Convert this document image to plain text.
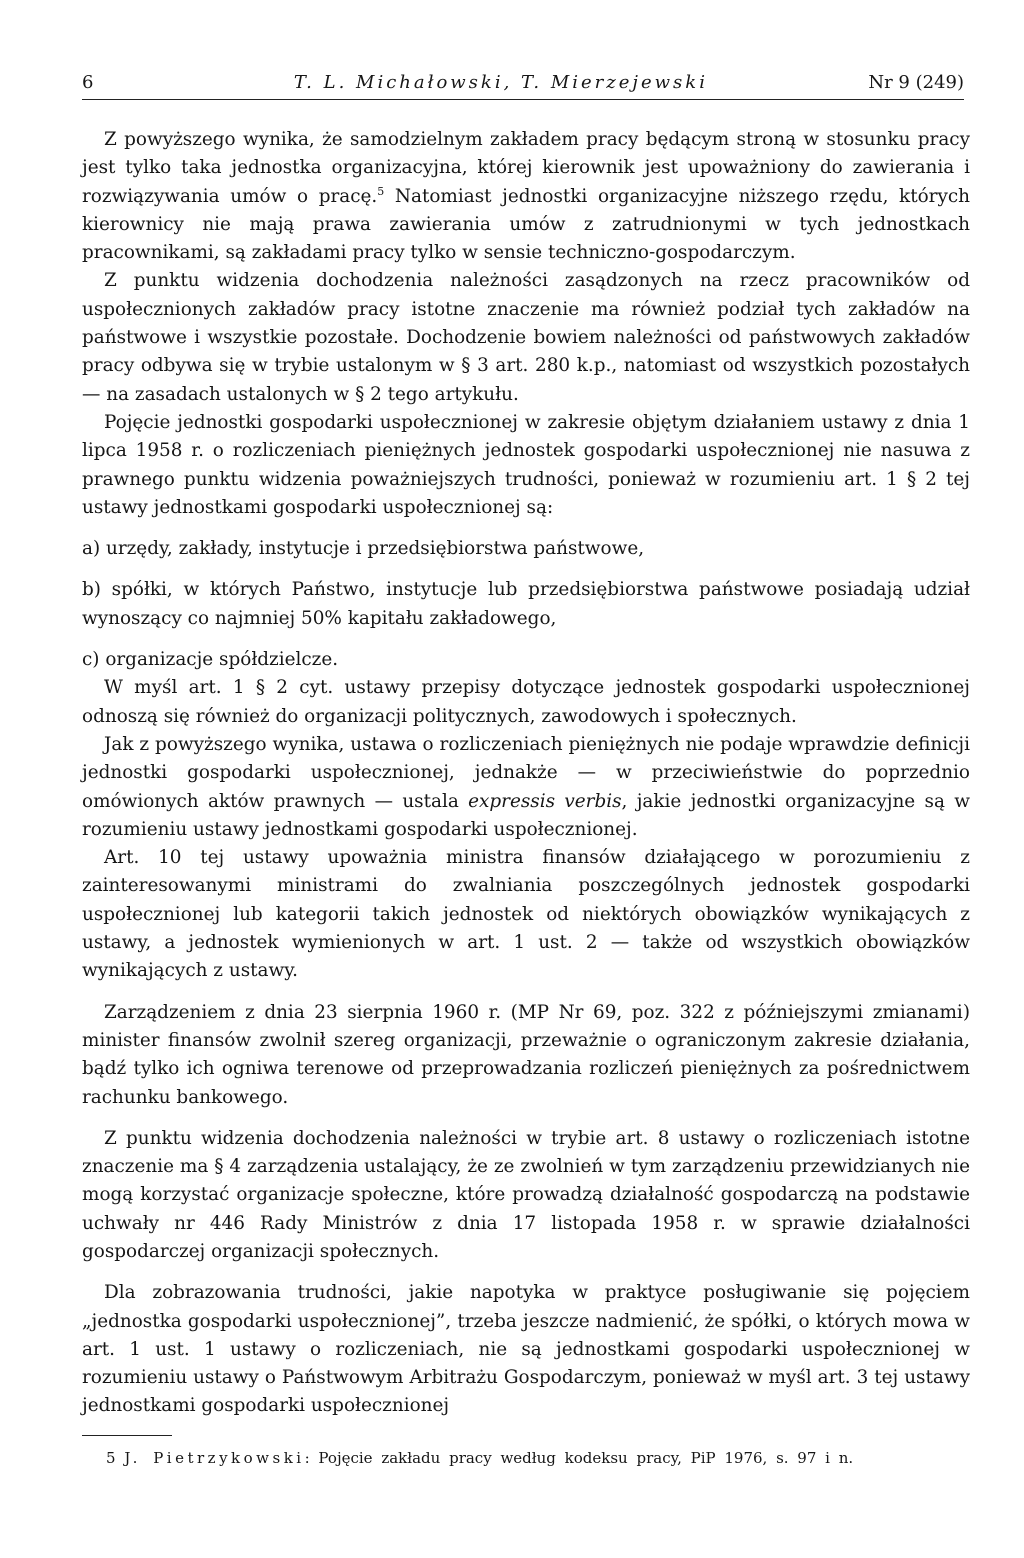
6	T. L. Michałowski, T. Mierzejewski	Nr 9 (249)

Z powyższego wynika, że samodzielnym zakładem pracy będącym stroną w stosunku pracy jest tylko taka jednostka organizacyjna, której kierownik jest upoważniony do zawierania i rozwiązywania umów o pracę.$^5$ Natomiast jednostki organizacyjne niższego rzędu, których kierownicy nie mają prawa zawierania umów z zatrudnionymi w tych jednostkach pracownikami, są zakładami pracy tylko w sensie techniczno-gospodarczym.

Z punktu widzenia dochodzenia należności zasądzonych na rzecz pracowników od uspołecznionych zakładów pracy istotne znaczenie ma również podział tych zakładów na państwowe i wszystkie pozostałe. Dochodzenie bowiem należności od państwowych zakładów pracy odbywa się w trybie ustalonym w § 3 art. 280 k.p., natomiast od wszystkich pozostałych — na zasadach ustalonych w § 2 tego artykułu.

Pojęcie jednostki gospodarki uspołecznionej w zakresie objętym działaniem ustawy z dnia 1 lipca 1958 r. o rozliczeniach pieniężnych jednostek gospodarki uspołecznionej nie nasuwa z prawnego punktu widzenia poważniejszych trudności, ponieważ w rozumieniu art. 1 § 2 tej ustawy jednostkami gospodarki uspołecznionej są:

a) urzędy, zakłady, instytucje i przedsiębiorstwa państwowe,

b) spółki, w których Państwo, instytucje lub przedsiębiorstwa państwowe posiadają udział wynoszący co najmniej 50% kapitału zakładowego,

c) organizacje spółdzielcze.

W myśl art. 1 § 2 cyt. ustawy przepisy dotyczące jednostek gospodarki uspołecznionej odnoszą się również do organizacji politycznych, zawodowych i społecznych.

Jak z powyższego wynika, ustawa o rozliczeniach pieniężnych nie podaje wprawdzie definicji jednostki gospodarki uspołecznionej, jednakże — w przeciwieństwie do poprzednio omówionych aktów prawnych — ustala expressis verbis, jakie jednostki organizacyjne są w rozumieniu ustawy jednostkami gospodarki uspołecznionej.

Art. 10 tej ustawy upoważnia ministra finansów działającego w porozumieniu z zainteresowanymi ministrami do zwalniania poszczególnych jednostek gospodarki uspołecznionej lub kategorii takich jednostek od niektórych obowiązków wynikających z ustawy, a jednostek wymienionych w art. 1 ust. 2 — także od wszystkich obowiązków wynikających z ustawy.

Zarządzeniem z dnia 23 sierpnia 1960 r. (MP Nr 69, poz. 322 z późniejszymi zmianami) minister finansów zwolnił szereg organizacji, przeważnie o ograniczonym zakresie działania, bądź tylko ich ogniwa terenowe od przeprowadzania rozliczeń pieniężnych za pośrednictwem rachunku bankowego.

Z punktu widzenia dochodzenia należności w trybie art. 8 ustawy o rozliczeniach istotne znaczenie ma § 4 zarządzenia ustalający, że ze zwolnień w tym zarządzeniu przewidzianych nie mogą korzystać organizacje społeczne, które prowadzą działalność gospodarczą na podstawie uchwały nr 446 Rady Ministrów z dnia 17 listopada 1958 r. w sprawie działalności gospodarczej organizacji społecznych.

Dla zobrazowania trudności, jakie napotyka w praktyce posługiwanie się pojęciem „jednostka gospodarki uspołecznionej”, trzeba jeszcze nadmienić, że spółki, o których mowa w art. 1 ust. 1 ustawy o rozliczeniach, nie są jednostkami gospodarki uspołecznionej w rozumieniu ustawy o Państwowym Arbitrażu Gospodarczym, ponieważ w myśl art. 3 tej ustawy jednostkami gospodarki uspołecznionej

5 J. Pietrzykowski: Pojęcie zakładu pracy według kodeksu pracy, PiP 1976, s. 97 i n.
